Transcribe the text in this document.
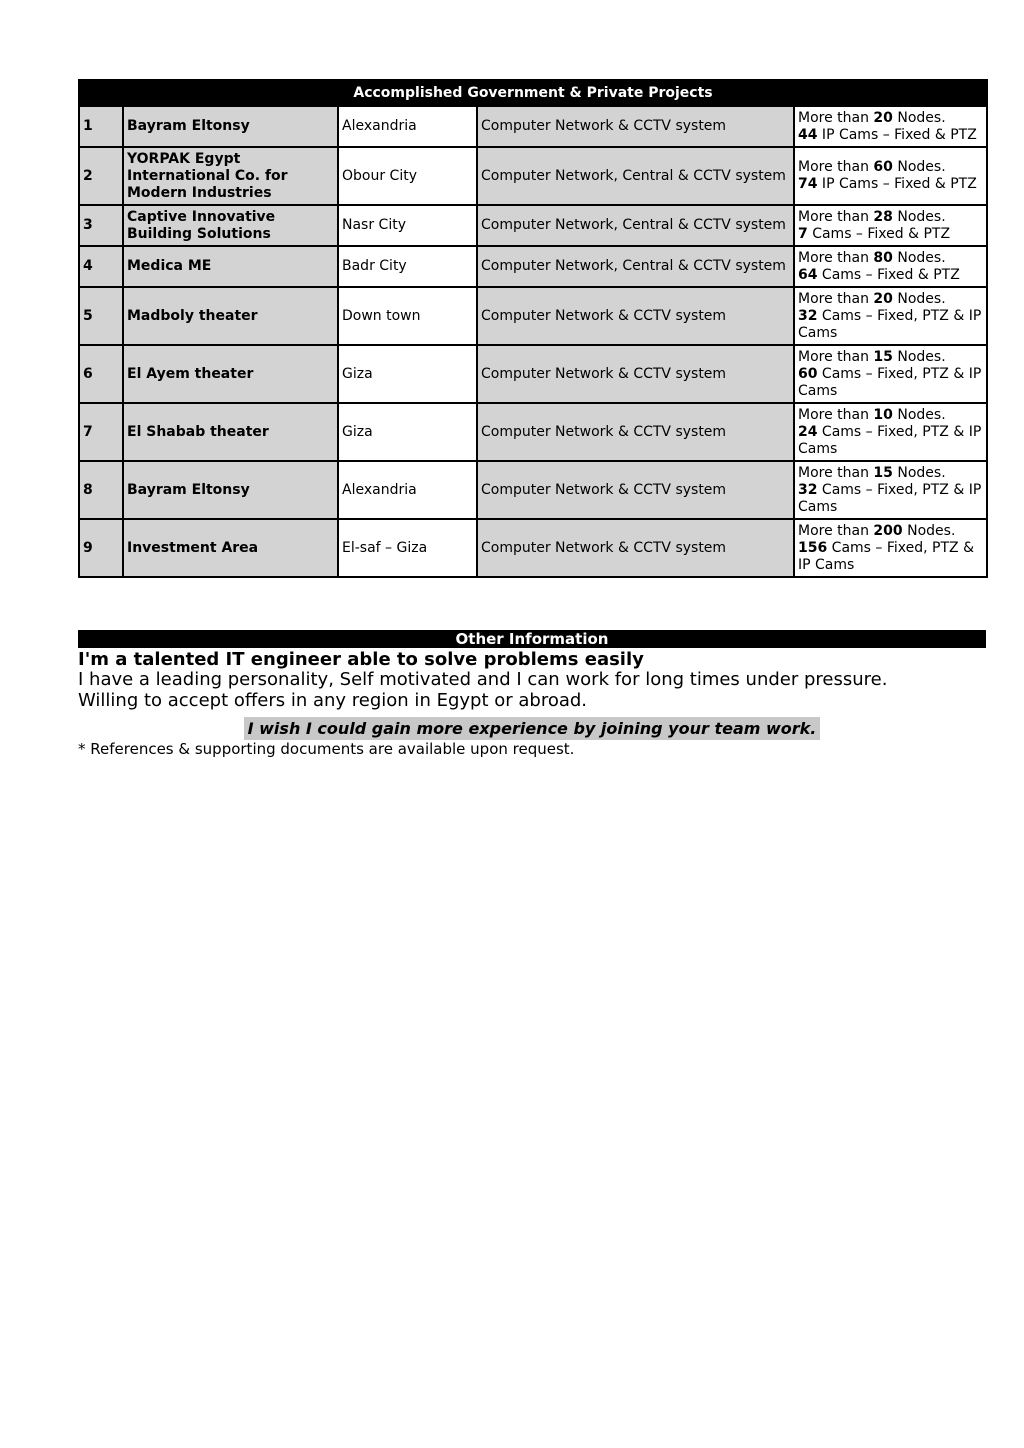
Accomplished Government & Private Projects				
1	Bayram Eltonsy	Alexandria	Computer Network & CCTV system	More than 20 Nodes.
44 IP Cams – Fixed & PTZ
2	YORPAK Egypt International Co. for Modern Industries	Obour City	Computer Network, Central & CCTV system	More than 60 Nodes.
74 IP Cams – Fixed & PTZ
3	Captive Innovative Building Solutions	Nasr City	Computer Network, Central & CCTV system	More than 28 Nodes.
7 Cams – Fixed & PTZ
4	Medica ME	Badr City	Computer Network, Central & CCTV system	More than 80 Nodes.
64 Cams – Fixed & PTZ
5	Madboly theater	Down town	Computer Network & CCTV system	More than 20 Nodes.
32 Cams – Fixed, PTZ & IP Cams
6	El Ayem theater	Giza	Computer Network & CCTV system	More than 15 Nodes.
60 Cams – Fixed, PTZ & IP Cams
7	El Shabab theater	Giza	Computer Network & CCTV system	More than 10 Nodes.
24 Cams – Fixed, PTZ & IP Cams
8	Bayram Eltonsy	Alexandria	Computer Network & CCTV system	More than 15 Nodes.
32 Cams – Fixed, PTZ & IP Cams
9	Investment Area	El-saf – Giza	Computer Network & CCTV system	More than 200 Nodes.
156 Cams – Fixed, PTZ & IP Cams
Other Information
I'm a talented IT engineer able to solve problems easily
I have a leading personality, Self motivated and I can work for long times under pressure.
Willing to accept offers in any region in Egypt or abroad.
I wish I could gain more experience by joining your team work.
* References & supporting documents are available upon request.
